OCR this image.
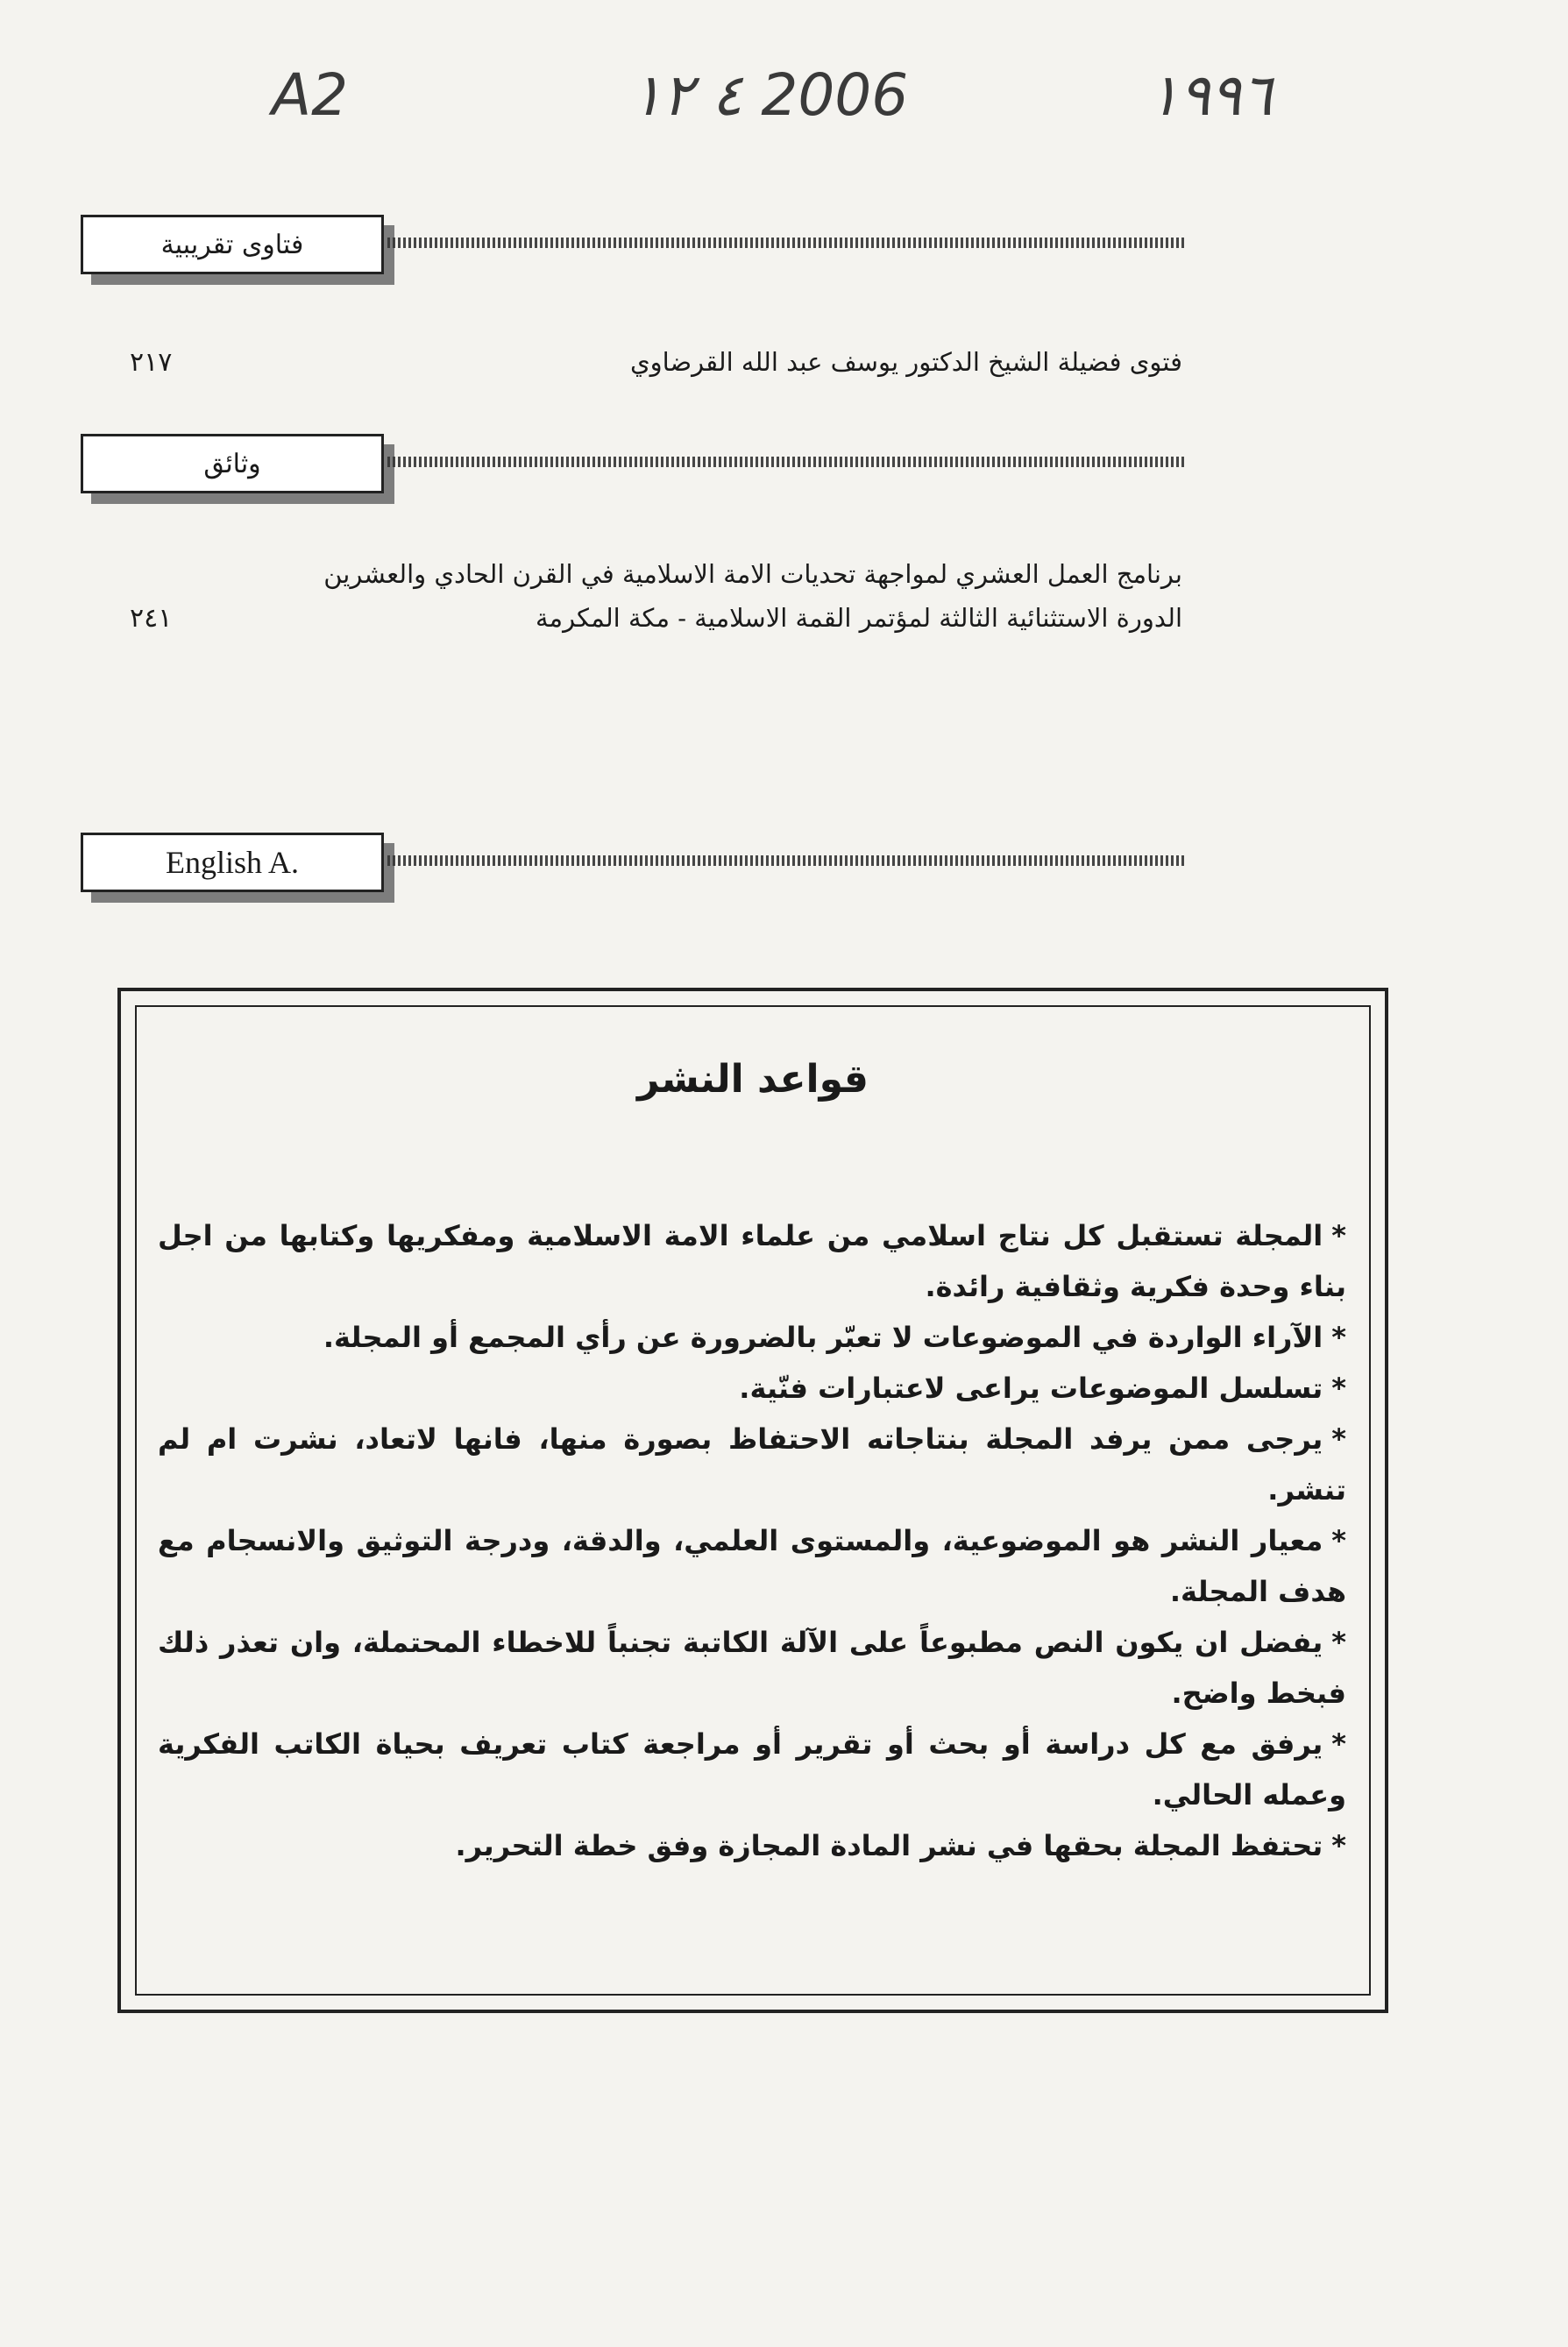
A2	٤ ١٢ 2006	١٩٩٦
فتاوى تقريبية
فتوى فضيلة الشيخ الدكتور يوسف عبد الله القرضاوي
٢١٧
وثائق
برنامج العمل العشري لمواجهة تحديات الامة الاسلامية في القرن الحادي والعشرين
الدورة الاستثنائية الثالثة لمؤتمر القمة الاسلامية - مكة المكرمة
٢٤١
English A.
قواعد النشر
*المجلة تستقبل كل نتاج اسلامي من علماء الامة الاسلامية ومفكريها وكتابها من اجل بناء وحدة فكرية وثقافية رائدة.
*الآراء الواردة في الموضوعات لا تعبّر بالضرورة عن رأي المجمع أو المجلة.
*تسلسل الموضوعات يراعى لاعتبارات فنّية.
*يرجى ممن يرفد المجلة بنتاجاته الاحتفاظ بصورة منها، فانها لاتعاد، نشرت ام لم تنشر.
*معيار النشر هو الموضوعية، والمستوى العلمي، والدقة، ودرجة التوثيق والانسجام مع هدف المجلة.
*يفضل ان يكون النص مطبوعاً على الآلة الكاتبة تجنباً للاخطاء المحتملة، وان تعذر ذلك فبخط واضح.
*يرفق مع كل دراسة أو بحث أو تقرير أو مراجعة كتاب تعريف بحياة الكاتب الفكرية وعمله الحالي.
*تحتفظ المجلة بحقها في نشر المادة المجازة وفق خطة التحرير.
